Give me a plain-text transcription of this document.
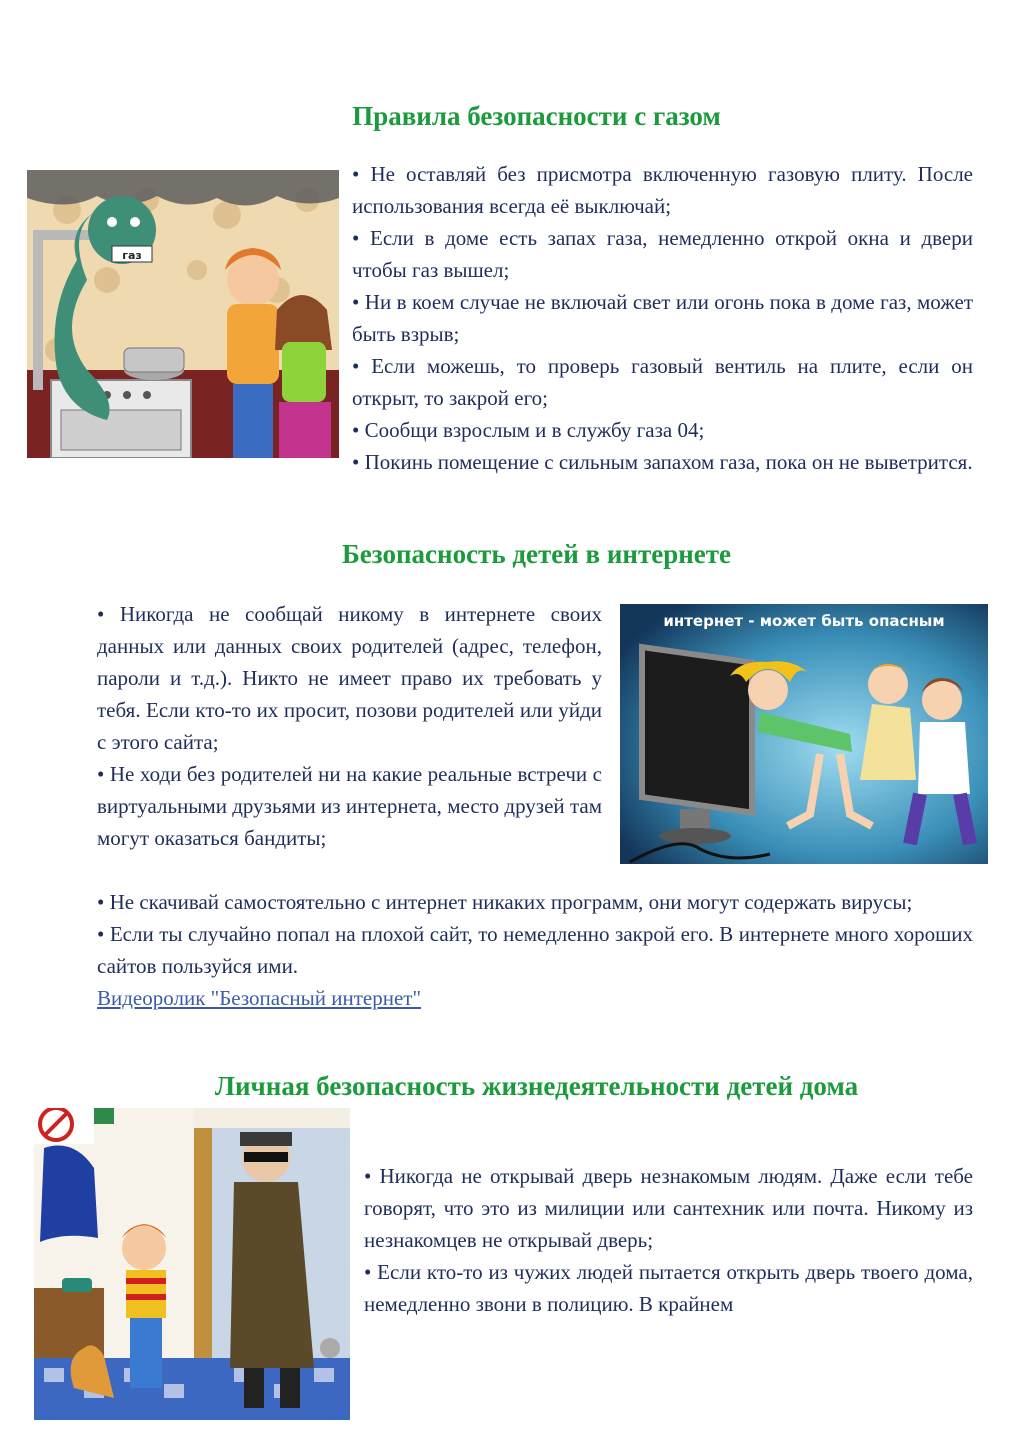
Правила безопасности с газом
газ

• Не оставляй без присмотра включенную газовую плиту. После использования всегда её выключай;

• Если в доме есть запах газа, немедленно открой окна и двери чтобы газ вышел;

• Ни в коем случае не включай свет или огонь пока в доме газ, может быть взрыв;

• Если можешь, то проверь газовый вентиль на плите, если он открыт, то закрой его;

• Сообщи взрослым и в службу газа 04;

• Покинь помещение с сильным запахом газа, пока он не выветрится.

Безопасность детей в интернете

• Никогда не сообщай никому в интернете своих данных или данных своих родителей (адрес, телефон, пароли и т.д.). Никто не имеет право их требовать у тебя. Если кто-то их просит, позови родителей или уйди с этого сайта;

• Не ходи без родителей ни на какие реальные встречи с виртуальными друзьями из интернета, место друзей там могут оказаться бандиты;

интернет - может быть опасным

• Не скачивай самостоятельно с интернет никаких программ, они могут содержать вирусы;

• Если ты случайно попал на плохой сайт, то немедленно закрой его. В интернете много хороших сайтов пользуйся ими.

Видеоролик "Безопасный интернет"

Личная безопасность жизнедеятельности детей дома

• Никогда не открывай дверь незнакомым людям. Даже если тебе говорят, что это из милиции или сантехник или почта. Никому из незнакомцев не открывай дверь;

• Если кто-то из чужих людей пытается открыть дверь твоего дома, немедленно звони в полицию. В крайнем
